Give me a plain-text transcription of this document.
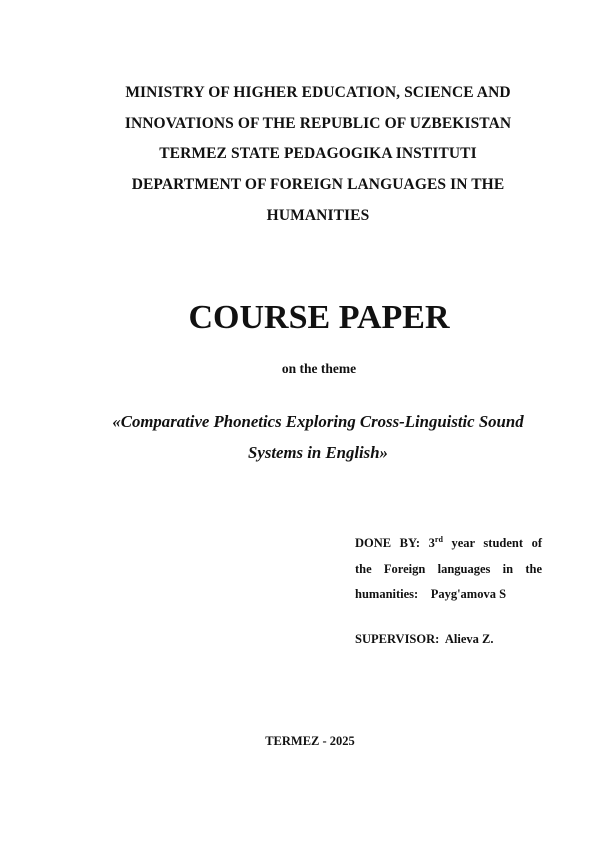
MINISTRY OF HIGHER EDUCATION, SCIENCE AND
INNOVATIONS OF THE REPUBLIC OF UZBEKISTAN
TERMEZ STATE PEDAGOGIKA INSTITUTI
DEPARTMENT OF FOREIGN LANGUAGES IN THE
HUMANITIES
COURSE PAPER
on the theme
«Comparative Phonetics Exploring Cross-Linguistic Sound
Systems in English»
DONE BY: 3rd year student of
the Foreign languages in the
humanities: Payg'amova S
SUPERVISOR: Alieva Z.
TERMEZ - 2025
